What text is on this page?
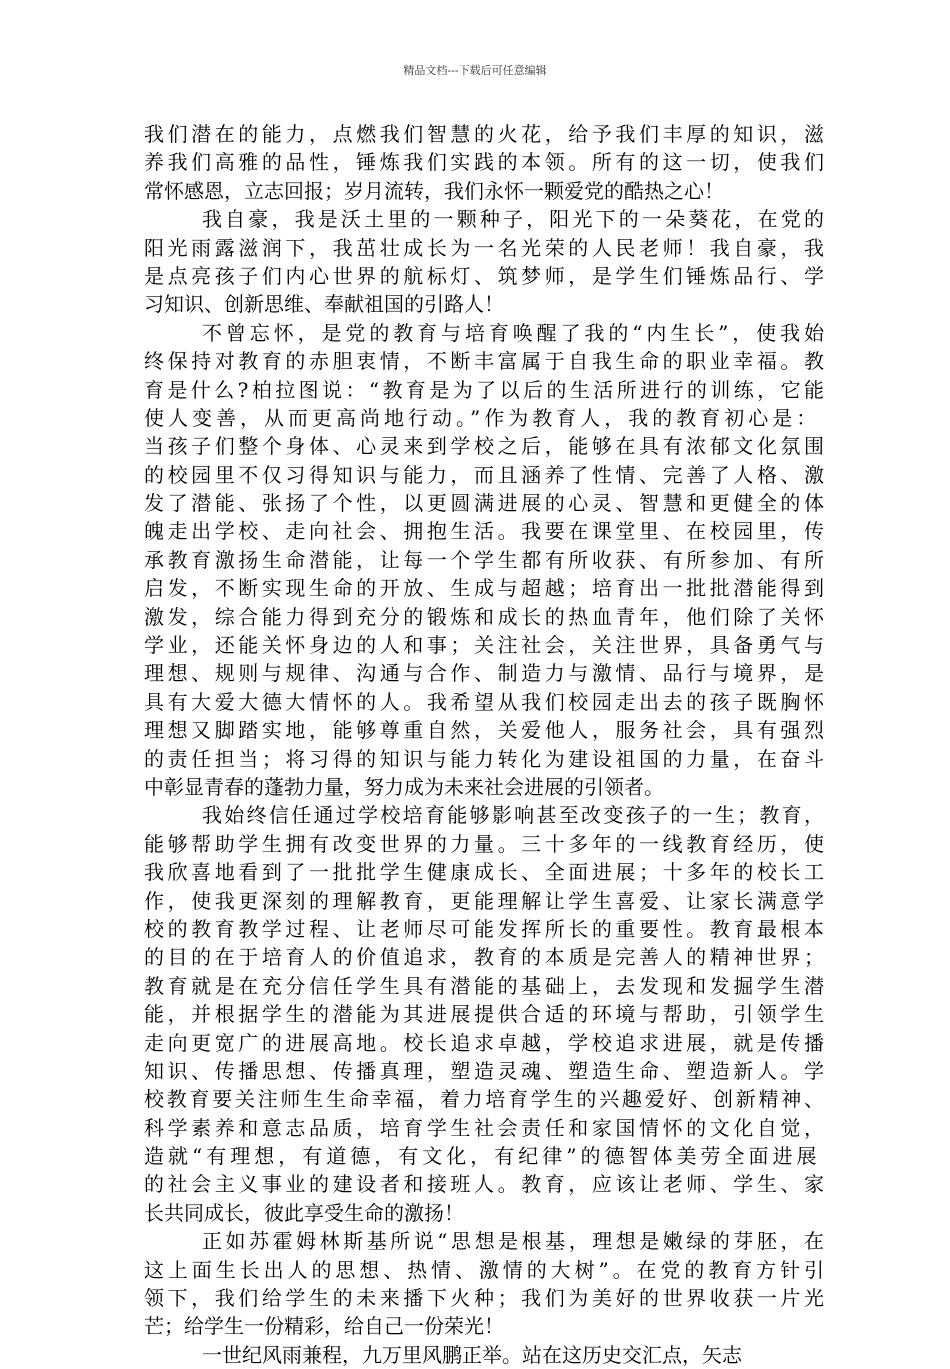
精品文档---下载后可任意编辑
我们潜在的能力，点燃我们智慧的火花，给予我们丰厚的知识，滋
养我们高雅的品性，锤炼我们实践的本领。所有的这一切，使我们
常怀感恩，立志回报；岁月流转，我们永怀一颗爱党的酷热之心！
我自豪，我是沃土里的一颗种子，阳光下的一朵葵花，在党的
阳光雨露滋润下，我茁壮成长为一名光荣的人民老师！我自豪，我
是点亮孩子们内心世界的航标灯、筑梦师，是学生们锤炼品行、学
习知识、创新思维、奉献祖国的引路人！
不曾忘怀，是党的教育与培育唤醒了我的“内生长”，使我始
终保持对教育的赤胆衷情，不断丰富属于自我生命的职业幸福。教
育是什么?柏拉图说：“教育是为了以后的生活所进行的训练，它能
使人变善，从而更高尚地行动。”作为教育人，我的教育初心是：
当孩子们整个身体、心灵来到学校之后，能够在具有浓郁文化氛围
的校园里不仅习得知识与能力，而且涵养了性情、完善了人格、激
发了潜能、张扬了个性，以更圆满进展的心灵、智慧和更健全的体
魄走出学校、走向社会、拥抱生活。我要在课堂里、在校园里，传
承教育激扬生命潜能，让每一个学生都有所收获、有所参加、有所
启发，不断实现生命的开放、生成与超越；培育出一批批潜能得到
激发，综合能力得到充分的锻炼和成长的热血青年，他们除了关怀
学业，还能关怀身边的人和事；关注社会，关注世界，具备勇气与
理想、规则与规律、沟通与合作、制造力与激情、品行与境界，是
具有大爱大德大情怀的人。我希望从我们校园走出去的孩子既胸怀
理想又脚踏实地，能够尊重自然，关爱他人，服务社会，具有强烈
的责任担当；将习得的知识与能力转化为建设祖国的力量，在奋斗
中彰显青春的蓬勃力量，努力成为未来社会进展的引领者。
我始终信任通过学校培育能够影响甚至改变孩子的一生；教育，
能够帮助学生拥有改变世界的力量。三十多年的一线教育经历，使
我欣喜地看到了一批批学生健康成长、全面进展；十多年的校长工
作，使我更深刻的理解教育，更能理解让学生喜爱、让家长满意学
校的教育教学过程、让老师尽可能发挥所长的重要性。教育最根本
的目的在于培育人的价值追求，教育的本质是完善人的精神世界；
教育就是在充分信任学生具有潜能的基础上，去发现和发掘学生潜
能，并根据学生的潜能为其进展提供合适的环境与帮助，引领学生
走向更宽广的进展高地。校长追求卓越，学校追求进展，就是传播
知识、传播思想、传播真理，塑造灵魂、塑造生命、塑造新人。学
校教育要关注师生生命幸福，着力培育学生的兴趣爱好、创新精神、
科学素养和意志品质，培育学生社会责任和家国情怀的文化自觉，
造就“有理想，有道德，有文化，有纪律”的德智体美劳全面进展
的社会主义事业的建设者和接班人。教育，应该让老师、学生、家
长共同成长，彼此享受生命的激扬！
正如苏霍姆林斯基所说“思想是根基，理想是嫩绿的芽胚，在
这上面生长出人的思想、热情、激情的大树”。在党的教育方针引
领下，我们给学生的未来播下火种；我们为美好的世界收获一片光
芒；给学生一份精彩，给自己一份荣光！
一世纪风雨兼程，九万里风鹏正举。站在这历史交汇点，矢志
